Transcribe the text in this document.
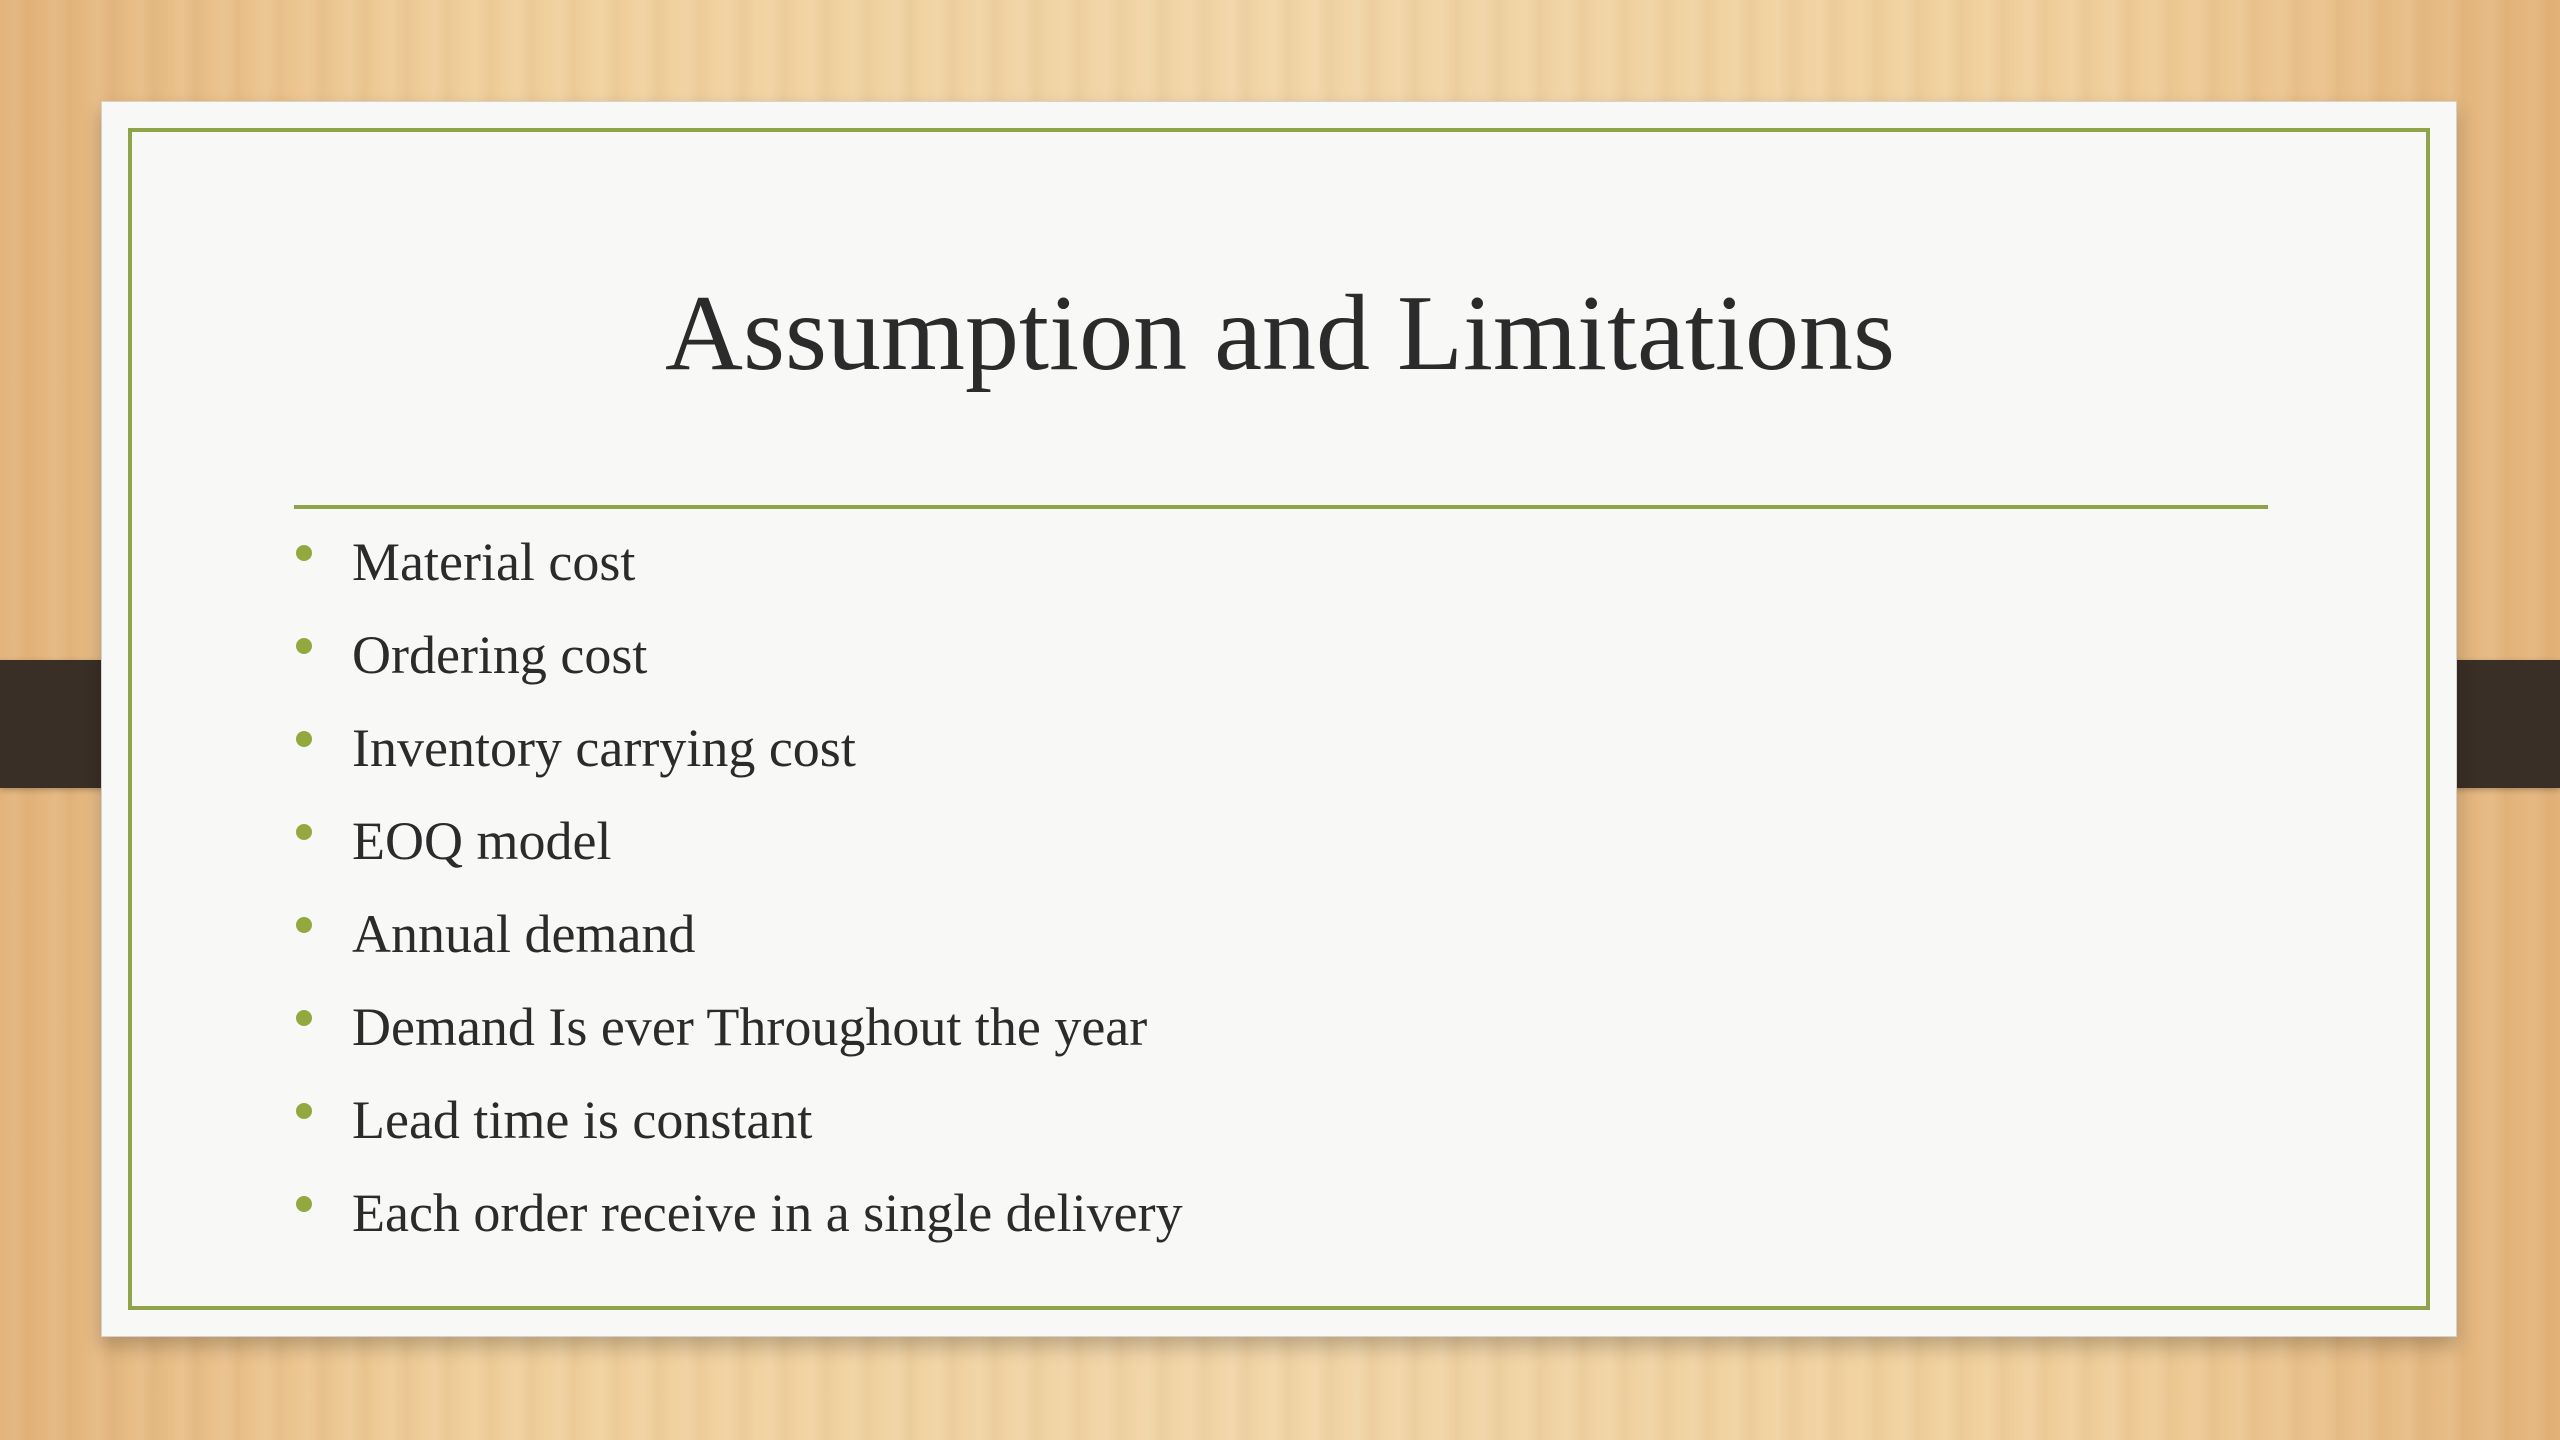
Assumption and Limitations
Material cost
Ordering cost
Inventory carrying cost
EOQ model
Annual demand
Demand Is ever Throughout the year
Lead time is constant
Each order receive in a single delivery
